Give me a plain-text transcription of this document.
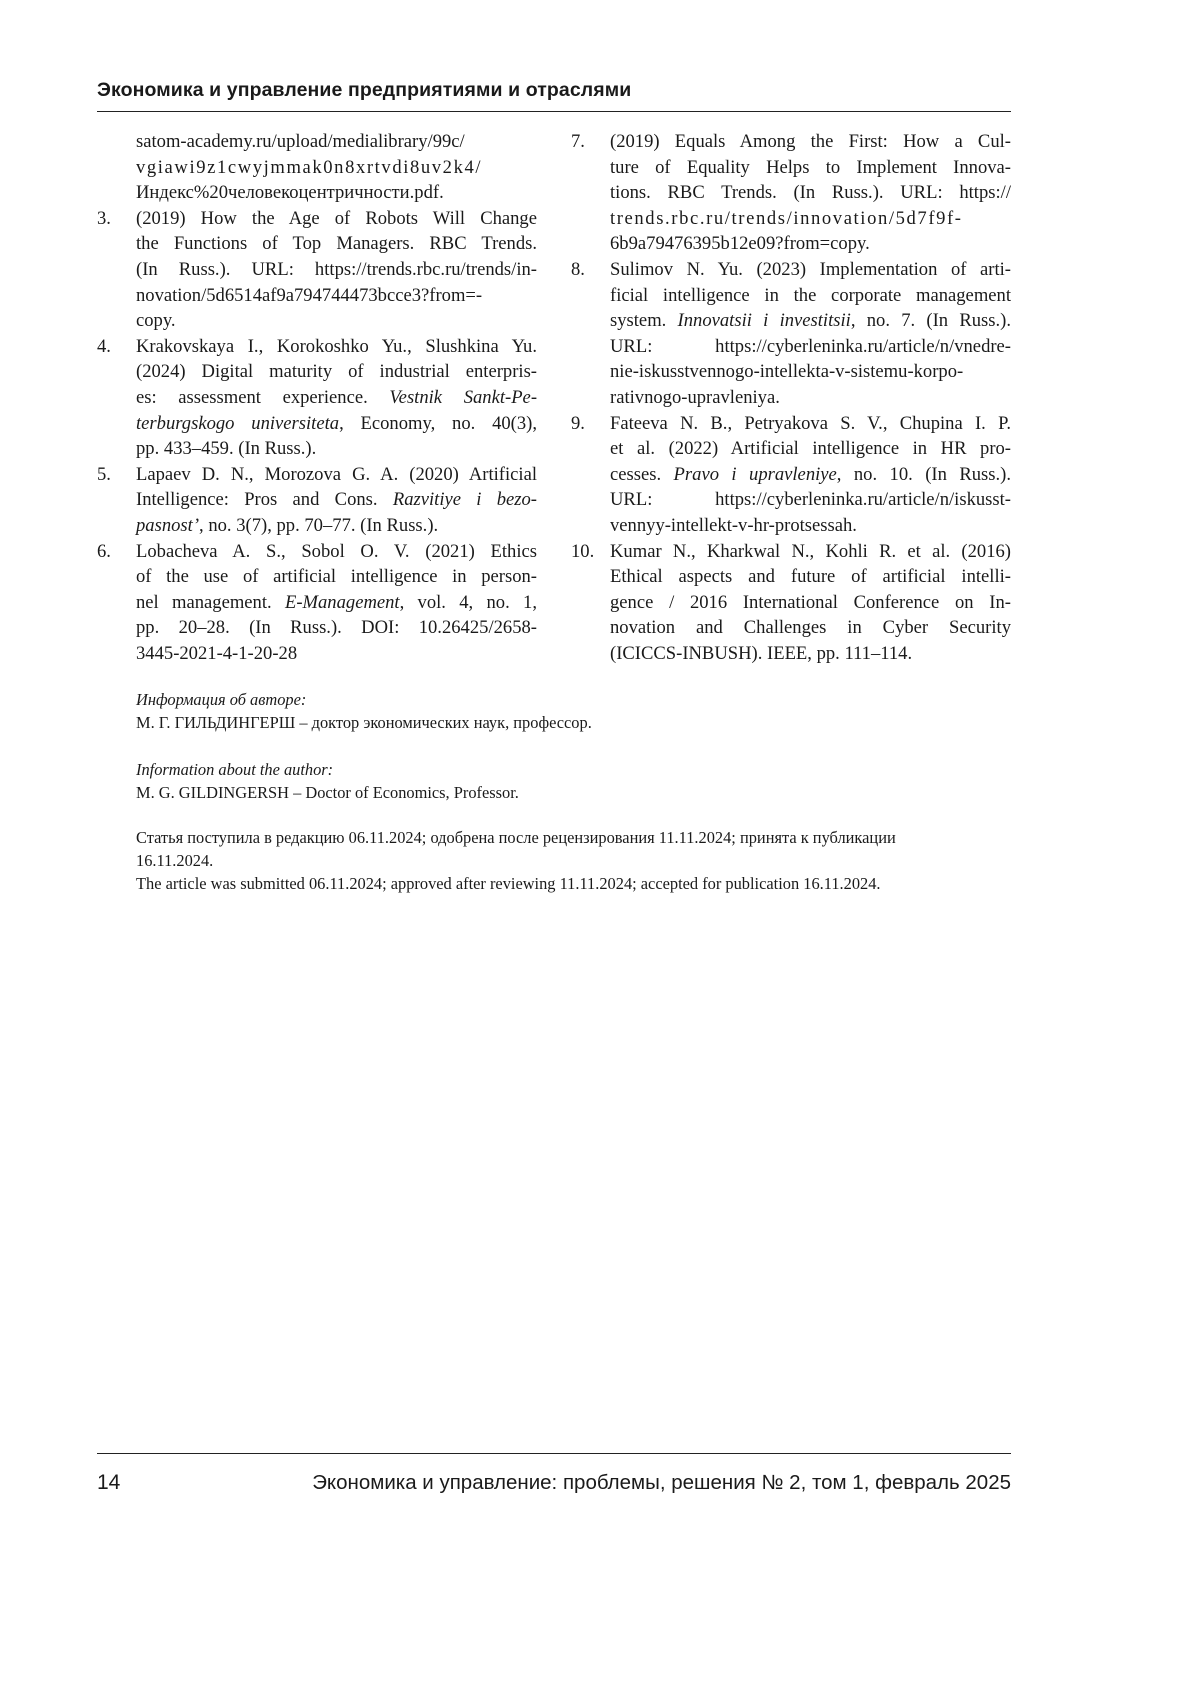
Экономика и управление предприятиями и отраслями
satom-academy.ru/upload/medialibrary/99c/
vgiawi9z1cwyjmmak0n8xrtvdi8uv2k4/
Индекс%20человекоцентричности.pdf.
3.	(2019) How the Age of Robots Will Change
the Functions of Top Managers. RBC Trends.
(In Russ.). URL: https://trends.rbc.ru/trends/in-
novation/5d6514af9a794744473bcce3?from=-
copy.
4.	Krakovskaya I., Korokoshko Yu., Slushkina Yu.
(2024) Digital maturity of industrial enterpris-
es: assessment experience. Vestnik Sankt-Pe-
terburgskogo universiteta, Economy, no. 40(3),
pp. 433–459. (In Russ.).
5.	Lapaev D. N., Morozova G. A. (2020) Artificial
Intelligence: Pros and Cons. Razvitiye i bezo-
pasnost’, no. 3(7), pp. 70–77. (In Russ.).
6.	Lobacheva A. S., Sobol O. V. (2021) Ethics
of the use of artificial intelligence in person-
nel management. E-Management, vol. 4, no. 1,
pp. 20–28. (In Russ.). DOI: 10.26425/2658-
3445-2021-4-1-20-28
7.	(2019) Equals Among the First: How a Cul-
ture of Equality Helps to Implement Innova-
tions. RBC Trends. (In Russ.). URL: https://
trends.rbc.ru/trends/innovation/5d7f9f-
6b9a79476395b12e09?from=copy.
8.	Sulimov N. Yu. (2023) Implementation of arti-
ficial intelligence in the corporate management
system. Innovatsii i investitsii, no. 7. (In Russ.).
URL: https://cyberleninka.ru/article/n/vnedre-
nie-iskusstvennogo-intellekta-v-sistemu-korpo-
rativnogo-upravleniya.
9.	Fateeva N. B., Petryakova S. V., Chupina I. P.
et al. (2022) Artificial intelligence in HR pro-
cesses. Pravo i upravleniye, no. 10. (In Russ.).
URL: https://cyberleninka.ru/article/n/iskusst-
vennyy-intellekt-v-hr-protsessah.
10. Kumar N., Kharkwal N., Kohli R. et al. (2016)
Ethical aspects and future of artificial intelli-
gence / 2016 International Conference on In-
novation and Challenges in Cyber Security
(ICICCS-INBUSH). IEEE, pp. 111–114.
Информация об авторе:
М. Г. ГИЛЬДИНГЕРШ – доктор экономических наук, профессор.
Information about the author:
M. G. GILDINGERSH – Doctor of Economics, Professor.
Статья поступила в редакцию 06.11.2024; одобрена после рецензирования 11.11.2024; принята к публикации
16.11.2024.
The article was submitted 06.11.2024; approved after reviewing 11.11.2024; accepted for publication 16.11.2024.
14	Экономика и управление: проблемы, решения № 2, том 1, февраль 2025
